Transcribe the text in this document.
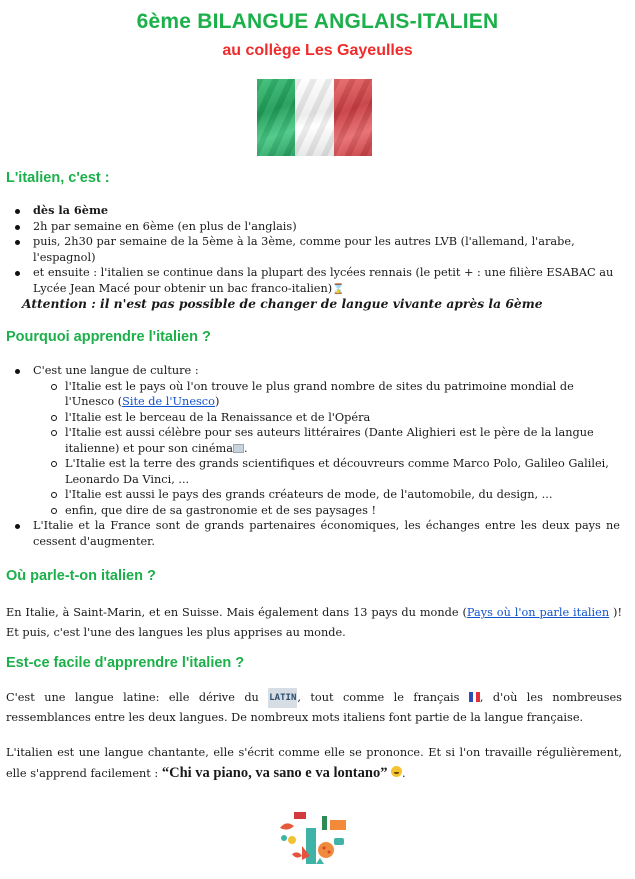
6ème BILANGUE ANGLAIS-ITALIEN
au collège Les Gayeulles
L'italien, c'est :
dès la 6ème
2h par semaine en 6ème (en plus de l'anglais)
puis, 2h30 par semaine de la 5ème à la 3ème, comme pour les autres LVB (l'allemand, l'arabe, l'espagnol)
et ensuite : l'italien se continue dans la plupart des lycées rennais (le petit + : une filière ESABAC au Lycée Jean Macé pour obtenir un bac franco-italien)⌛
Attention : il n'est pas possible de changer de langue vivante après la 6ème
Pourquoi apprendre l'italien ?
C'est une langue de culture :
l'Italie est le pays où l'on trouve le plus grand nombre de sites du patrimoine mondial de l'Unesco (Site de l'Unesco)
l'Italie est le berceau de la Renaissance et de l'Opéra
l'Italie est aussi célèbre pour ses auteurs littéraires (Dante Alighieri est le père de la langue italienne) et pour son cinéma .
L'Italie est la terre des grands scientifiques et découvreurs comme Marco Polo, Galileo Galilei, Leonardo Da Vinci, ...
l'Italie est aussi le pays des grands créateurs de mode, de l'automobile, du design, ...
enfin, que dire de sa gastronomie et de ses paysages !
L'Italie et la France sont de grands partenaires économiques, les échanges entre les deux pays ne cessent d'augmenter.
Où parle-t-on italien ?

En Italie, à Saint-Marin, et en Suisse. Mais également dans 13 pays du monde (Pays où l'on parle italien )! Et puis, c'est l'une des langues les plus apprises au monde.

Est-ce facile d'apprendre l'italien ?

C'est une langue latine: elle dérive du LATIN, tout comme le français , d'où les nombreuses ressemblances entre les deux langues. De nombreux mots italiens font partie de la langue française.

L'italien est une langue chantante, elle s'écrit comme elle se prononce. Et si l'on travaille régulièrement, elle s'apprend facilement : “Chi va piano, va sano e va lontano” .
